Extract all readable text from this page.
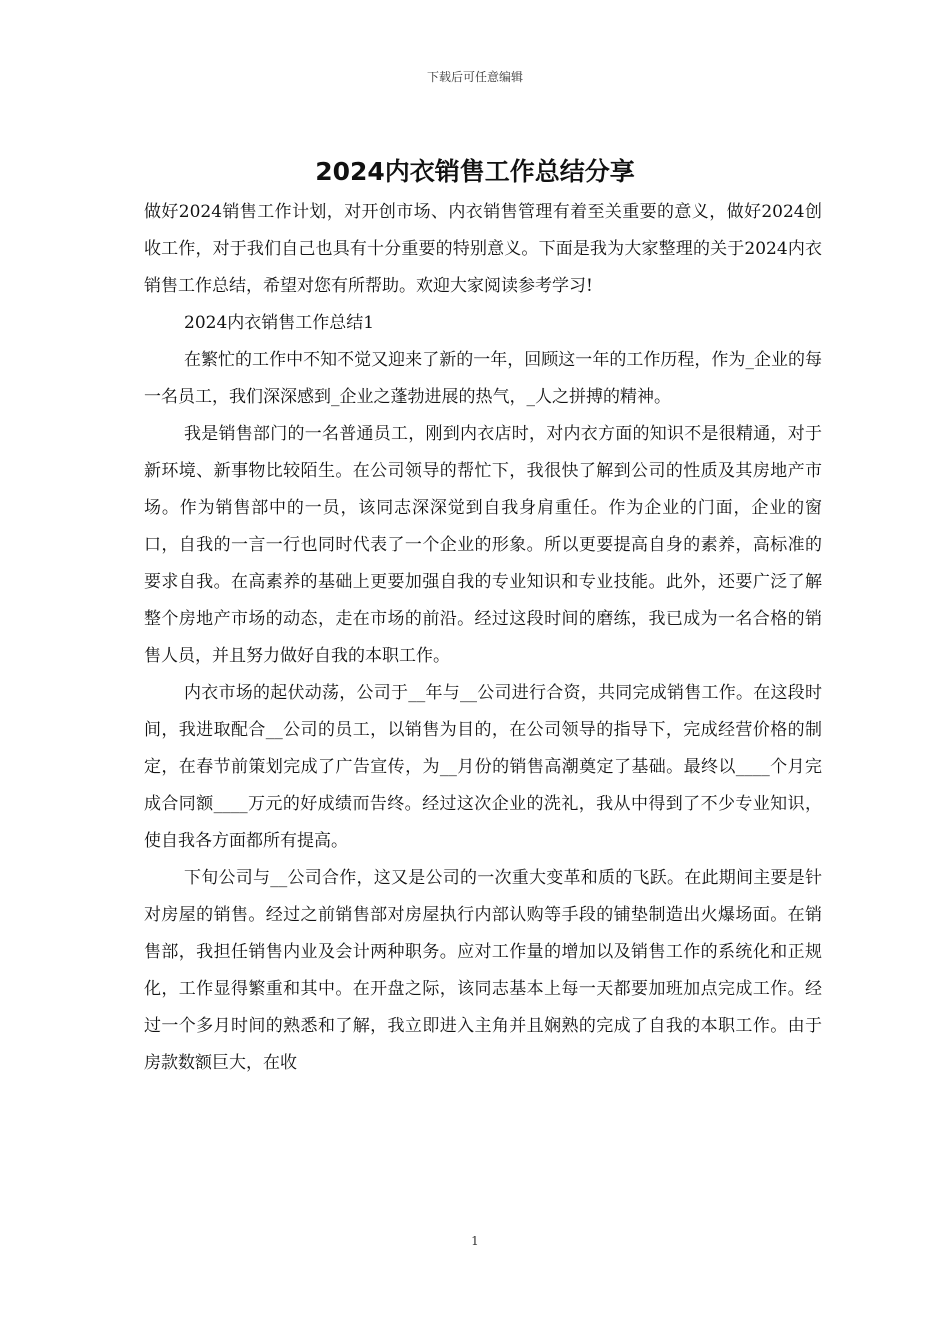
下载后可任意编辑
2024内衣销售工作总结分享

做好2024销售工作计划，对开创市场、内衣销售管理有着至关重要的意义，做好2024创收工作，对于我们自己也具有十分重要的特别意义。下面是我为大家整理的关于2024内衣销售工作总结，希望对您有所帮助。欢迎大家阅读参考学习!

2024内衣销售工作总结1

在繁忙的工作中不知不觉又迎来了新的一年，回顾这一年的工作历程，作为_企业的每一名员工，我们深深感到_企业之蓬勃进展的热气，_人之拼搏的精神。

我是销售部门的一名普通员工，刚到内衣店时，对内衣方面的知识不是很精通，对于新环境、新事物比较陌生。在公司领导的帮忙下，我很快了解到公司的性质及其房地产市场。作为销售部中的一员，该同志深深觉到自我身肩重任。作为企业的门面，企业的窗口，自我的一言一行也同时代表了一个企业的形象。所以更要提高自身的素养，高标准的要求自我。在高素养的基础上更要加强自我的专业知识和专业技能。此外，还要广泛了解整个房地产市场的动态，走在市场的前沿。经过这段时间的磨练，我已成为一名合格的销售人员，并且努力做好自我的本职工作。

内衣市场的起伏动荡，公司于__年与__公司进行合资，共同完成销售工作。在这段时间，我进取配合__公司的员工，以销售为目的，在公司领导的指导下，完成经营价格的制定，在春节前策划完成了广告宣传，为__月份的销售高潮奠定了基础。最终以____个月完成合同额____万元的好成绩而告终。经过这次企业的洗礼，我从中得到了不少专业知识，使自我各方面都所有提高。

下旬公司与__公司合作，这又是公司的一次重大变革和质的飞跃。在此期间主要是针对房屋的销售。经过之前销售部对房屋执行内部认购等手段的铺垫制造出火爆场面。在销售部，我担任销售内业及会计两种职务。应对工作量的增加以及销售工作的系统化和正规化，工作显得繁重和其中。在开盘之际，该同志基本上每一天都要加班加点完成工作。经过一个多月时间的熟悉和了解，我立即进入主角并且娴熟的完成了自我的本职工作。由于房款数额巨大，在收

1
